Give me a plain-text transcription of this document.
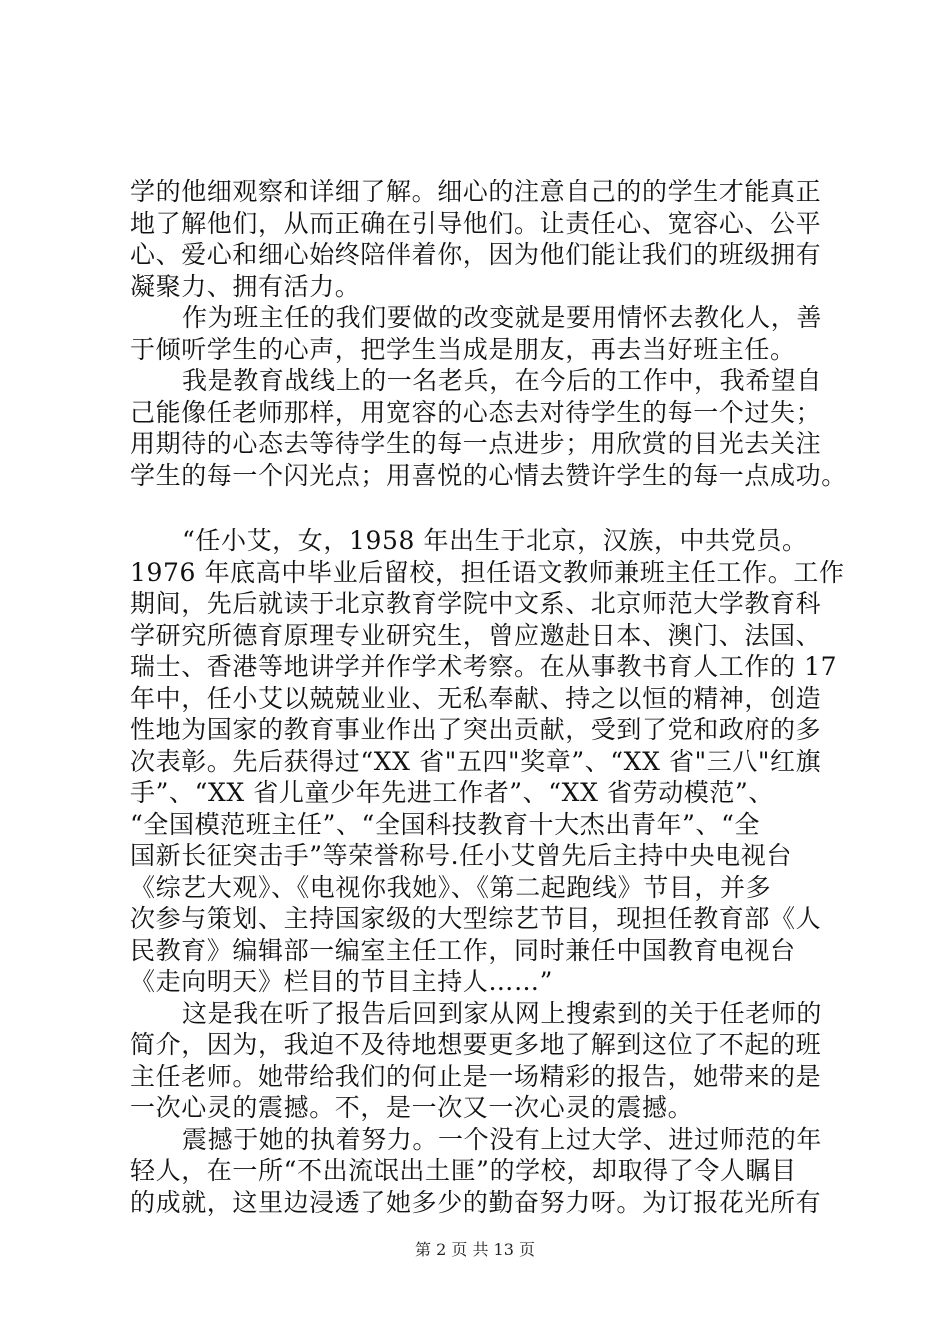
学的他细观察和详细了解。细心的注意自己的的学生才能真正
地了解他们，从而正确在引导他们。让责任心、宽容心、公平
心、爱心和细心始终陪伴着你，因为他们能让我们的班级拥有
凝聚力、拥有活力。
作为班主任的我们要做的改变就是要用情怀去教化人，善
于倾听学生的心声，把学生当成是朋友，再去当好班主任。
我是教育战线上的一名老兵，在今后的工作中，我希望自
己能像任老师那样，用宽容的心态去对待学生的每一个过失；
用期待的心态去等待学生的每一点进步；用欣赏的目光去关注
学生的每一个闪光点；用喜悦的心情去赞许学生的每一点成功。
“任小艾，女，1958 年出生于北京，汉族，中共党员。
1976 年底高中毕业后留校，担任语文教师兼班主任工作。工作
期间，先后就读于北京教育学院中文系、北京师范大学教育科
学研究所德育原理专业研究生，曾应邀赴日本、澳门、法国、
瑞士、香港等地讲学并作学术考察。在从事教书育人工作的 17
年中，任小艾以兢兢业业、无私奉献、持之以恒的精神，创造
性地为国家的教育事业作出了突出贡献，受到了党和政府的多
次表彰。先后获得过“XX 省"五四"奖章”、“XX 省"三八"红旗
手”、“XX 省儿童少年先进工作者”、“XX 省劳动模范”、
“全国模范班主任”、“全国科技教育十大杰出青年”、“全
国新长征突击手”等荣誉称号.任小艾曾先后主持中央电视台
《综艺大观》、《电视你我她》、《第二起跑线》节目，并多
次参与策划、主持国家级的大型综艺节目，现担任教育部《人
民教育》编辑部一编室主任工作，同时兼任中国教育电视台
《走向明天》栏目的节目主持人……”
这是我在听了报告后回到家从网上搜索到的关于任老师的
简介，因为，我迫不及待地想要更多地了解到这位了不起的班
主任老师。她带给我们的何止是一场精彩的报告，她带来的是
一次心灵的震撼。不，是一次又一次心灵的震撼。
震撼于她的执着努力。一个没有上过大学、进过师范的年
轻人，在一所“不出流氓出土匪”的学校，却取得了令人瞩目
的成就，这里边浸透了她多少的勤奋努力呀。为订报花光所有
第 2 页 共 13 页
